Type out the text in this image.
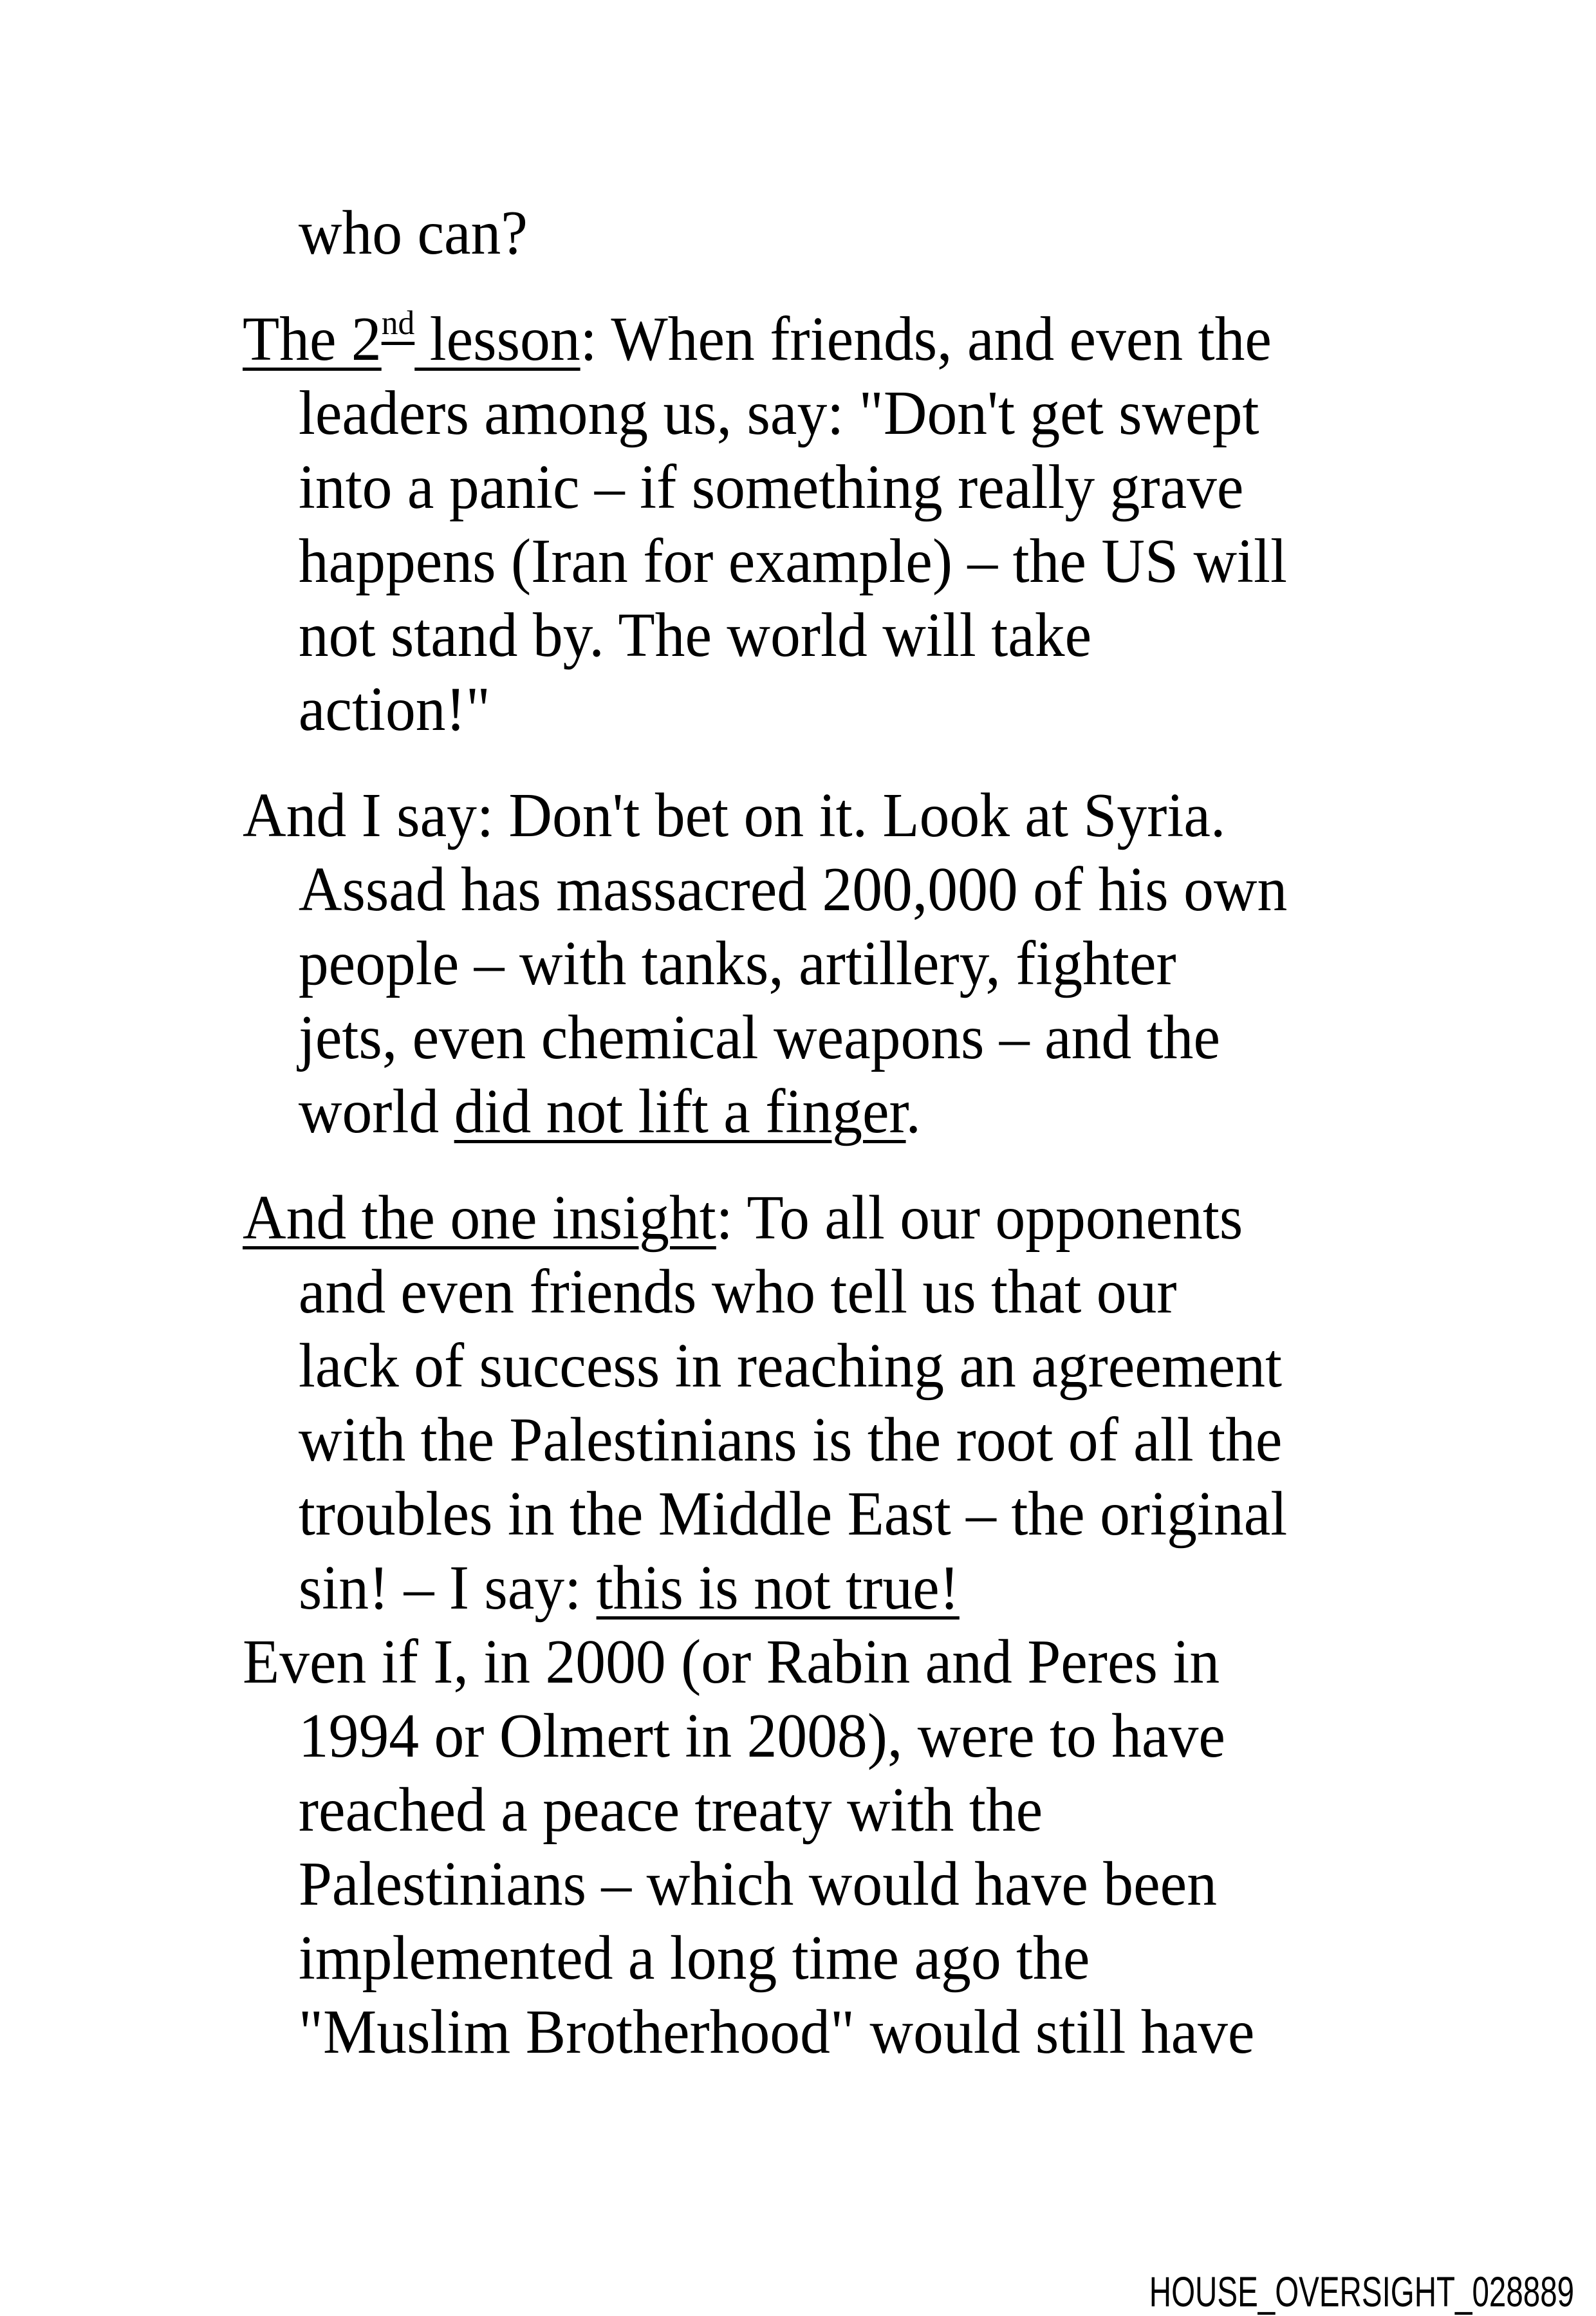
who can?
The 2nd lesson: When friends, and even the
leaders among us, say: "Don't get swept
into a panic – if something really grave
happens (Iran for example) – the US will
not stand by. The world will take
action!"
And I say: Don't bet on it. Look at Syria.
Assad has massacred 200,000 of his own
people – with tanks, artillery, fighter
jets, even chemical weapons – and the
world did not lift a finger.
And the one insight: To all our opponents
and even friends who tell us that our
lack of success in reaching an agreement
with the Palestinians is the root of all the
troubles in the Middle East – the original
sin! – I say: this is not true!
Even if I, in 2000 (or Rabin and Peres in
1994 or Olmert in 2008), were to have
reached a peace treaty with the
Palestinians – which would have been
implemented a long time ago the
"Muslim Brotherhood" would still have
HOUSE_OVERSIGHT_028889
